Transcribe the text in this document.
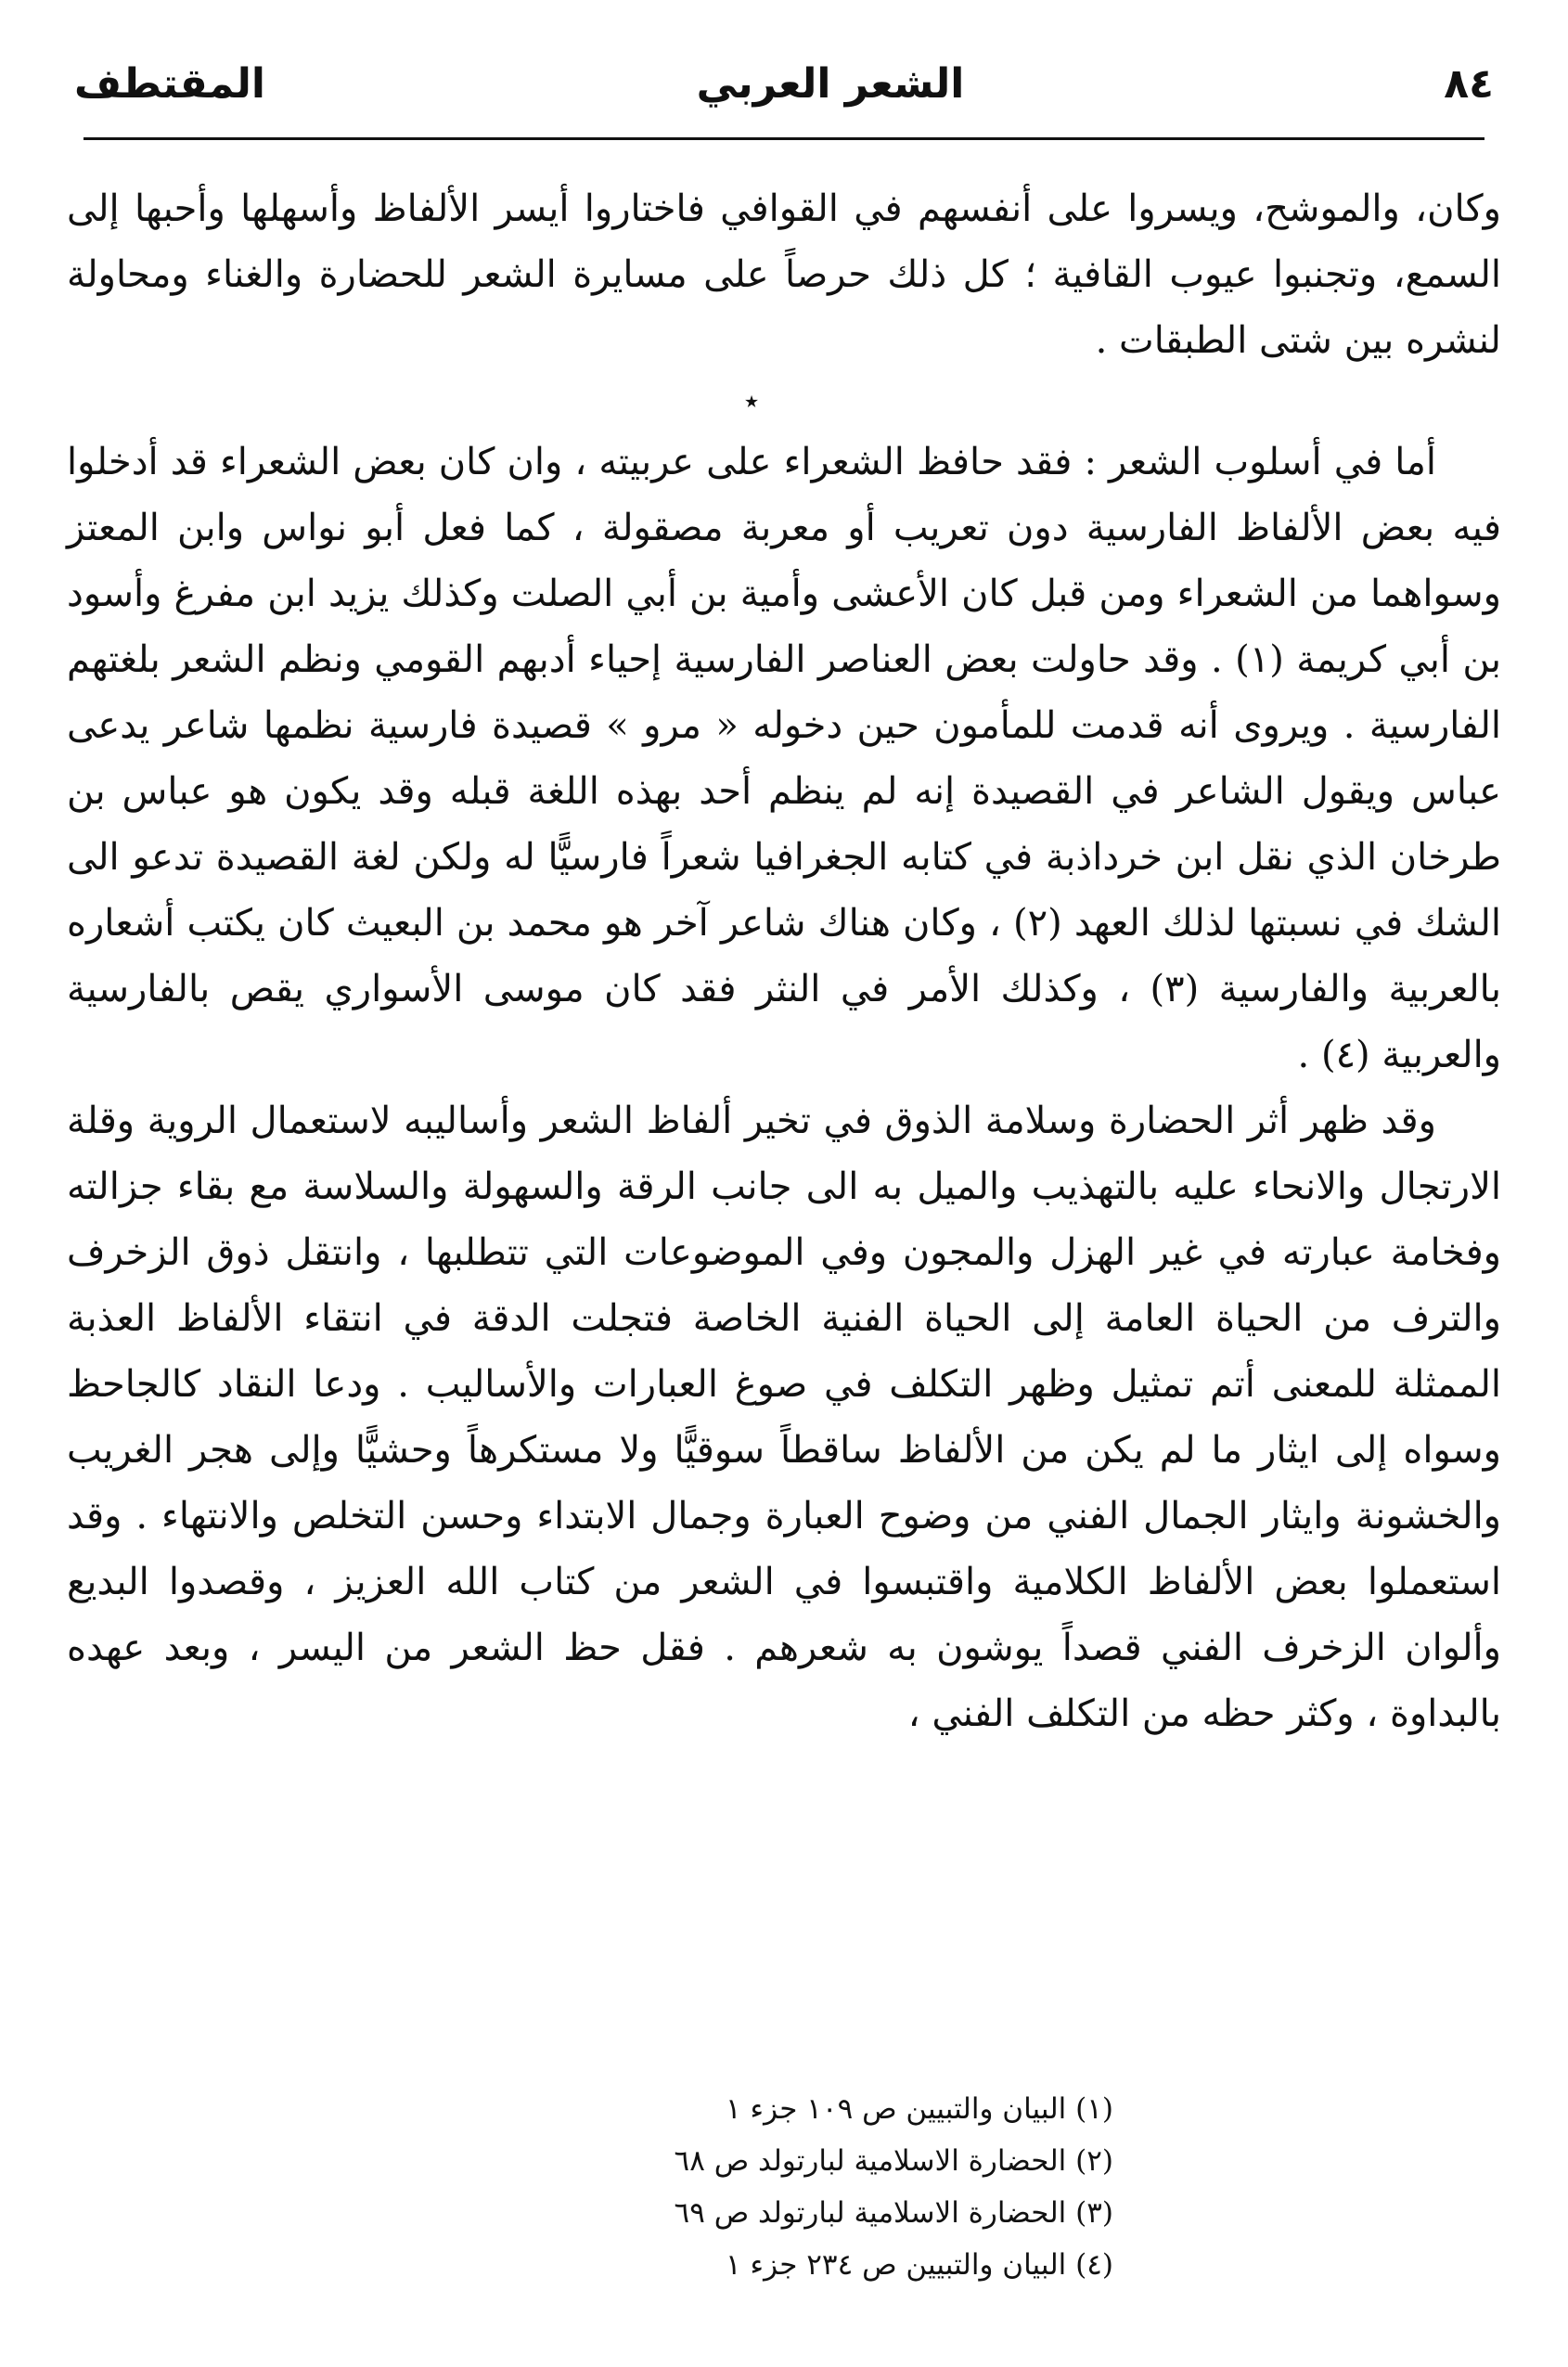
٨٤
الشعر العربي
المقتطف

وكان، والموشح، ويسروا على أنفسهم في القوافي فاختاروا أيسر الألفاظ وأسهلها وأحبها إلى السمع، وتجنبوا عيوب القافية ؛ كل ذلك حرصاً على مسايرة الشعر للحضارة والغناء ومحاولة لنشره بين شتى الطبقات .

٭

أما في أسلوب الشعر : فقد حافظ الشعراء على عربيته ، وان كان بعض الشعراء قد أدخلوا فيه بعض الألفاظ الفارسية دون تعريب أو معربة مصقولة ، كما فعل أبو نواس وابن المعتز وسواهما من الشعراء ومن قبل كان الأعشى وأمية بن أبي الصلت وكذلك يزيد ابن مفرغ وأسود بن أبي كريمة (١) . وقد حاولت بعض العناصر الفارسية إحياء أدبهم القومي ونظم الشعر بلغتهم الفارسية . ويروى أنه قدمت للمأمون حين دخوله « مرو » قصيدة فارسية نظمها شاعر يدعى عباس ويقول الشاعر في القصيدة إنه لم ينظم أحد بهذه اللغة قبله وقد يكون هو عباس بن طرخان الذي نقل ابن خرداذبة في كتابه الجغرافيا شعراً فارسيًّا له ولكن لغة القصيدة تدعو الى الشك في نسبتها لذلك العهد (٢) ، وكان هناك شاعر آخر هو محمد بن البعيث كان يكتب أشعاره بالعربية والفارسية (٣) ، وكذلك الأمر في النثر فقد كان موسى الأسواري يقص بالفارسية والعربية (٤) .

وقد ظهر أثر الحضارة وسلامة الذوق في تخير ألفاظ الشعر وأساليبه لاستعمال الروية وقلة الارتجال والانحاء عليه بالتهذيب والميل به الى جانب الرقة والسهولة والسلاسة مع بقاء جزالته وفخامة عبارته في غير الهزل والمجون وفي الموضوعات التي تتطلبها ، وانتقل ذوق الزخرف والترف من الحياة العامة إلى الحياة الفنية الخاصة فتجلت الدقة في انتقاء الألفاظ العذبة الممثلة للمعنى أتم تمثيل وظهر التكلف في صوغ العبارات والأساليب . ودعا النقاد كالجاحظ وسواه إلى ايثار ما لم يكن من الألفاظ ساقطاً سوقيًّا ولا مستكرهاً وحشيًّا وإلى هجر الغريب والخشونة وايثار الجمال الفني من وضوح العبارة وجمال الابتداء وحسن التخلص والانتهاء . وقد استعملوا بعض الألفاظ الكلامية واقتبسوا في الشعر من كتاب الله العزيز ، وقصدوا البديع وألوان الزخرف الفني قصداً يوشون به شعرهم . فقل حظ الشعر من اليسر ، وبعد عهده بالبداوة ، وكثر حظه من التكلف الفني ،

(١) البيان والتبيين ص ١٠٩ جزء ١
(٢) الحضارة الاسلامية لبارتولد ص ٦٨
(٣) الحضارة الاسلامية لبارتولد ص ٦٩
(٤) البيان والتبيين ص ٢٣٤ جزء ١
